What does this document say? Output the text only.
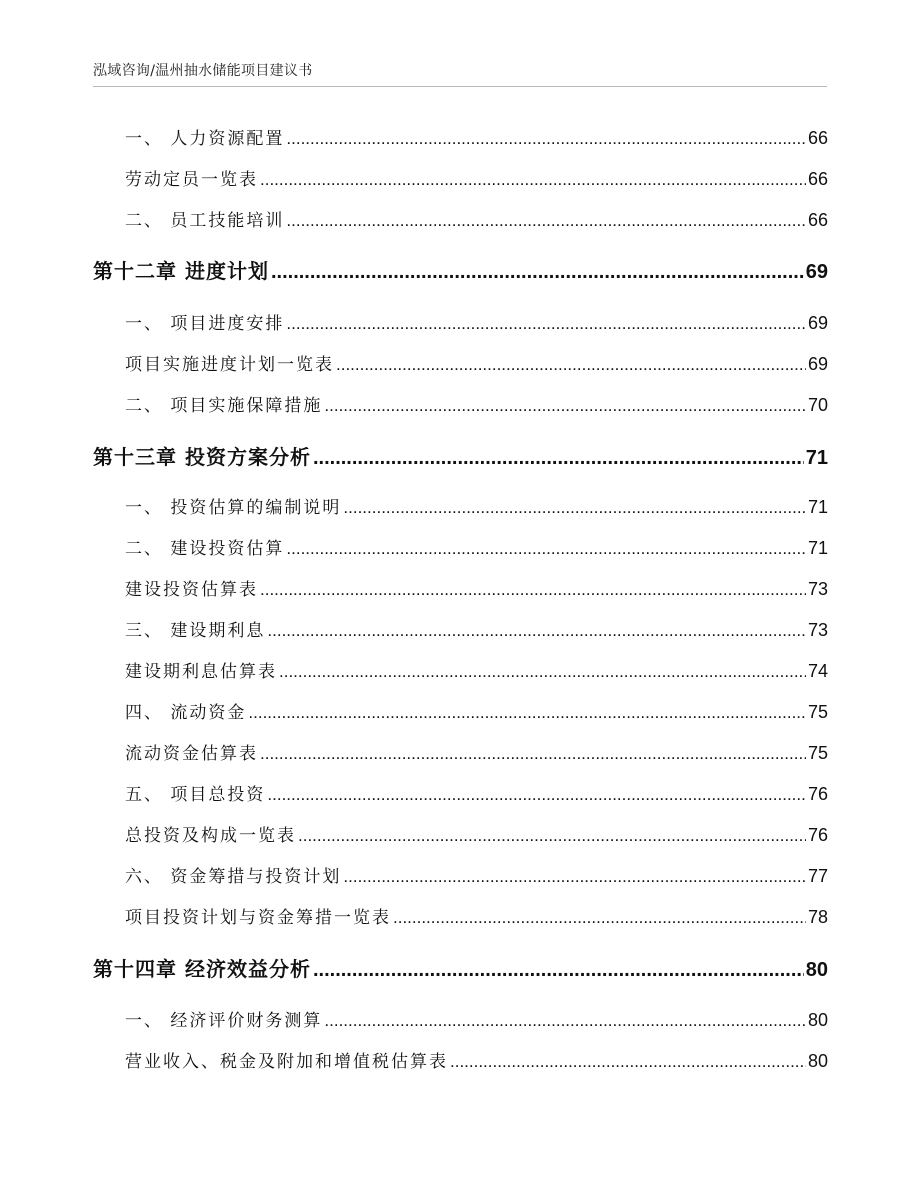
泓域咨询/温州抽水储能项目建议书
一、 人力资源配置 .....	66
劳动定员一览表 .....	66
二、 员工技能培训 .....	66
第十二章 进度计划 .....	69
一、 项目进度安排 .....	69
项目实施进度计划一览表 .....	69
二、 项目实施保障措施 .....	70
第十三章 投资方案分析 .....	71
一、 投资估算的编制说明 .....	71
二、 建设投资估算 .....	71
建设投资估算表 .....	73
三、 建设期利息 .....	73
建设期利息估算表 .....	74
四、 流动资金 .....	75
流动资金估算表 .....	75
五、 项目总投资 .....	76
总投资及构成一览表 .....	76
六、 资金筹措与投资计划 .....	77
项目投资计划与资金筹措一览表 .....	78
第十四章 经济效益分析 .....	80
一、 经济评价财务测算 .....	80
营业收入、税金及附加和增值税估算表 .....	80
